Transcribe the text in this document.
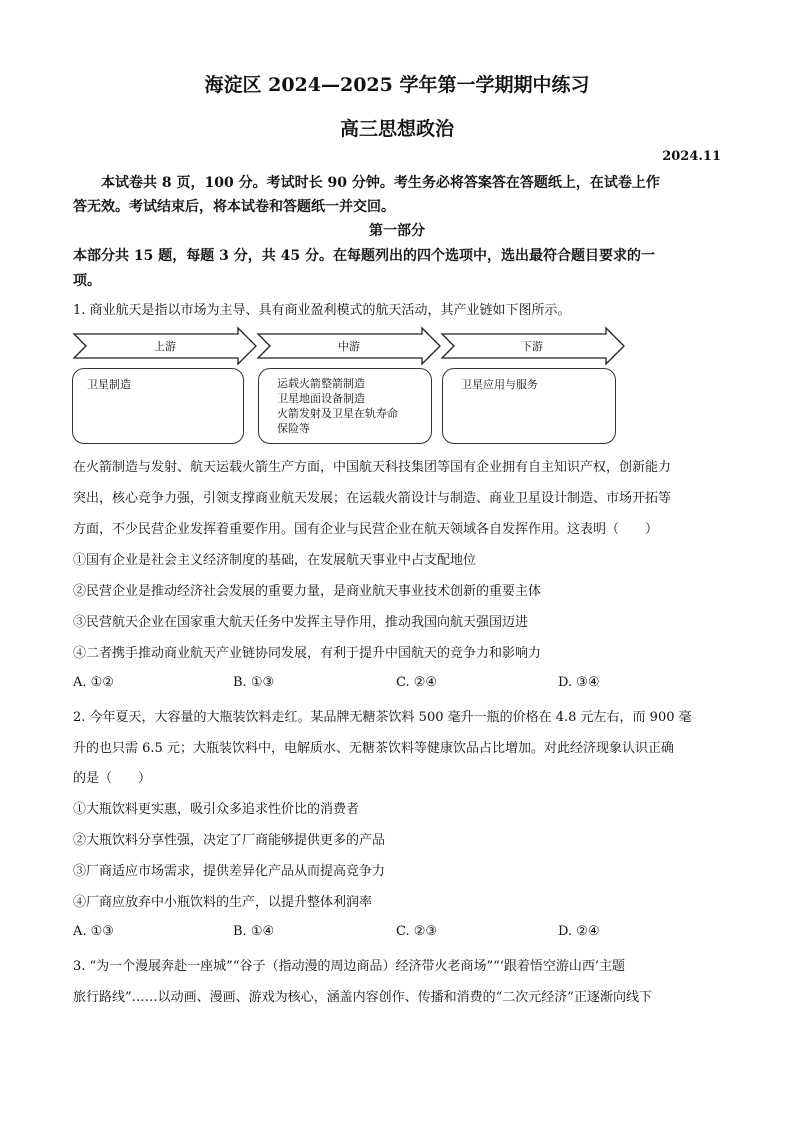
海淀区 2024—2025 学年第一学期期中练习
高三思想政治
2024.11
本试卷共 8 页，100 分。考试时长 90 分钟。考生务必将答案答在答题纸上，在试卷上作
答无效。考试结束后，将本试卷和答题纸一并交回。
第一部分
本部分共 15 题，每题 3 分，共 45 分。在每题列出的四个选项中，选出最符合题目要求的一
项。
1. 商业航天是指以市场为主导、具有商业盈利模式的航天活动，其产业链如下图所示。
上游	中游	下游
卫星制造	运载火箭整箭制造
卫星地面设备制造
火箭发射及卫星在轨寿命
保险等
卫星应用与服务
在火箭制造与发射、航天运载火箭生产方面，中国航天科技集团等国有企业拥有自主知识产权，创新能力
突出，核心竞争力强，引领支撑商业航天发展；在运载火箭设计与制造、商业卫星设计制造、市场开拓等
方面，不少民营企业发挥着重要作用。国有企业与民营企业在航天领域各自发挥作用。这表明（　　）
①国有企业是社会主义经济制度的基础，在发展航天事业中占支配地位
②民营企业是推动经济社会发展的重要力量，是商业航天事业技术创新的重要主体
③民营航天企业在国家重大航天任务中发挥主导作用，推动我国向航天强国迈进
④二者携手推动商业航天产业链协同发展，有利于提升中国航天的竞争力和影响力
A. ①②	B. ①③	C. ②④	D. ③④
2. 今年夏天，大容量的大瓶装饮料走红。某品牌无糖茶饮料 500 毫升一瓶的价格在 4.8 元左右，而 900 毫
升的也只需 6.5 元；大瓶装饮料中，电解质水、无糖茶饮料等健康饮品占比增加。对此经济现象认识正确
的是（　　）
①大瓶饮料更实惠，吸引众多追求性价比的消费者
②大瓶饮料分享性强，决定了厂商能够提供更多的产品
③厂商适应市场需求，提供差异化产品从而提高竞争力
④厂商应放弃中小瓶饮料的生产，以提升整体利润率
A. ①③	B. ①④	C. ②③	D. ②④
3. “为一个漫展奔赴一座城”“谷子（指动漫的周边商品）经济带火老商场”“‘跟着悟空游山西’主题
旅行路线”……以动画、漫画、游戏为核心，涵盖内容创作、传播和消费的“二次元经济”正逐渐向线下
